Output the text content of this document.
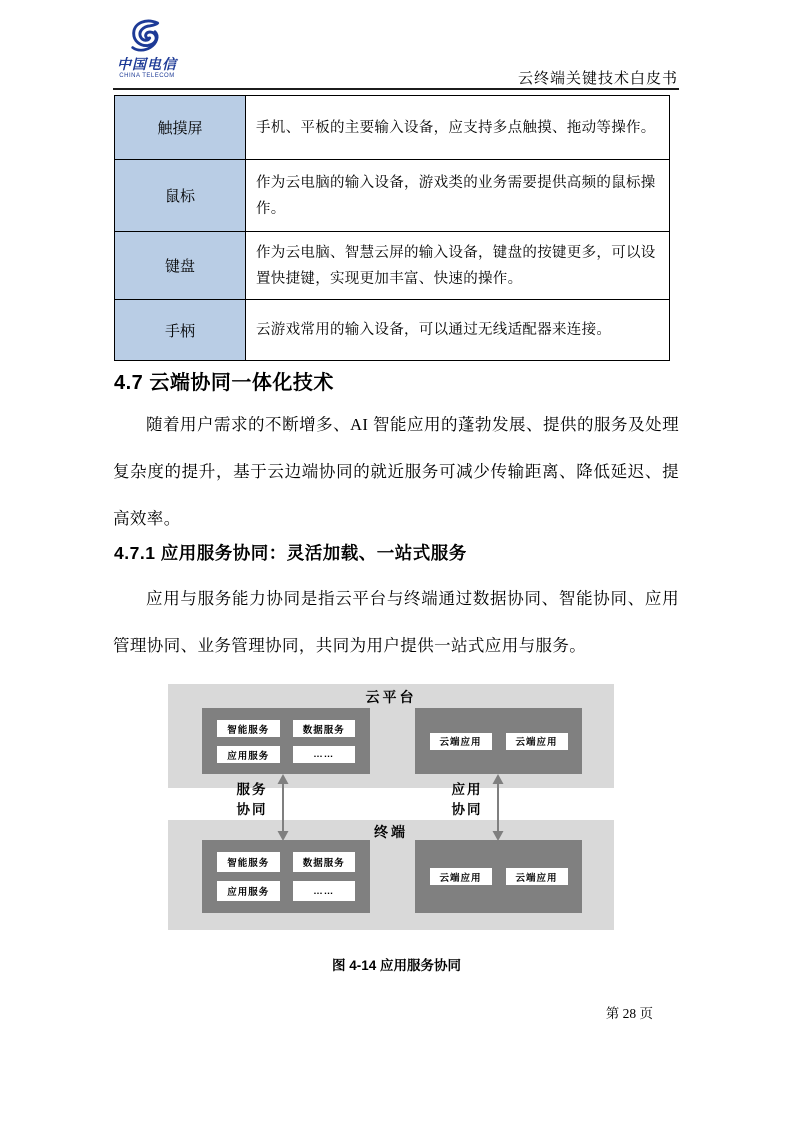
中国电信
CHINA TELECOM	云终端关键技术白皮书
触摸屏	手机、平板的主要输入设备，应支持多点触摸、拖动等操作。
鼠标	作为云电脑的输入设备，游戏类的业务需要提供高频的鼠标操作。
键盘	作为云电脑、智慧云屏的输入设备，键盘的按键更多，可以设置快捷键，实现更加丰富、快速的操作。
手柄	云游戏常用的输入设备，可以通过无线适配器来连接。
4.7 云端协同一体化技术
随着用户需求的不断增多、AI 智能应用的蓬勃发展、提供的服务及处理复杂度的提升，基于云边端协同的就近服务可减少传输距离、降低延迟、提高效率。
4.7.1 应用服务协同：灵活加载、一站式服务
应用与服务能力协同是指云平台与终端通过数据协同、智能协同、应用管理协同、业务管理协同，共同为用户提供一站式应用与服务。
云平台
终端
智能服务	数据服务
应用服务	……
云端应用	云端应用
智能服务	数据服务
应用服务	……
云端应用	云端应用
服务
协同
应用
协同
图 4-14 应用服务协同
第 28 页
